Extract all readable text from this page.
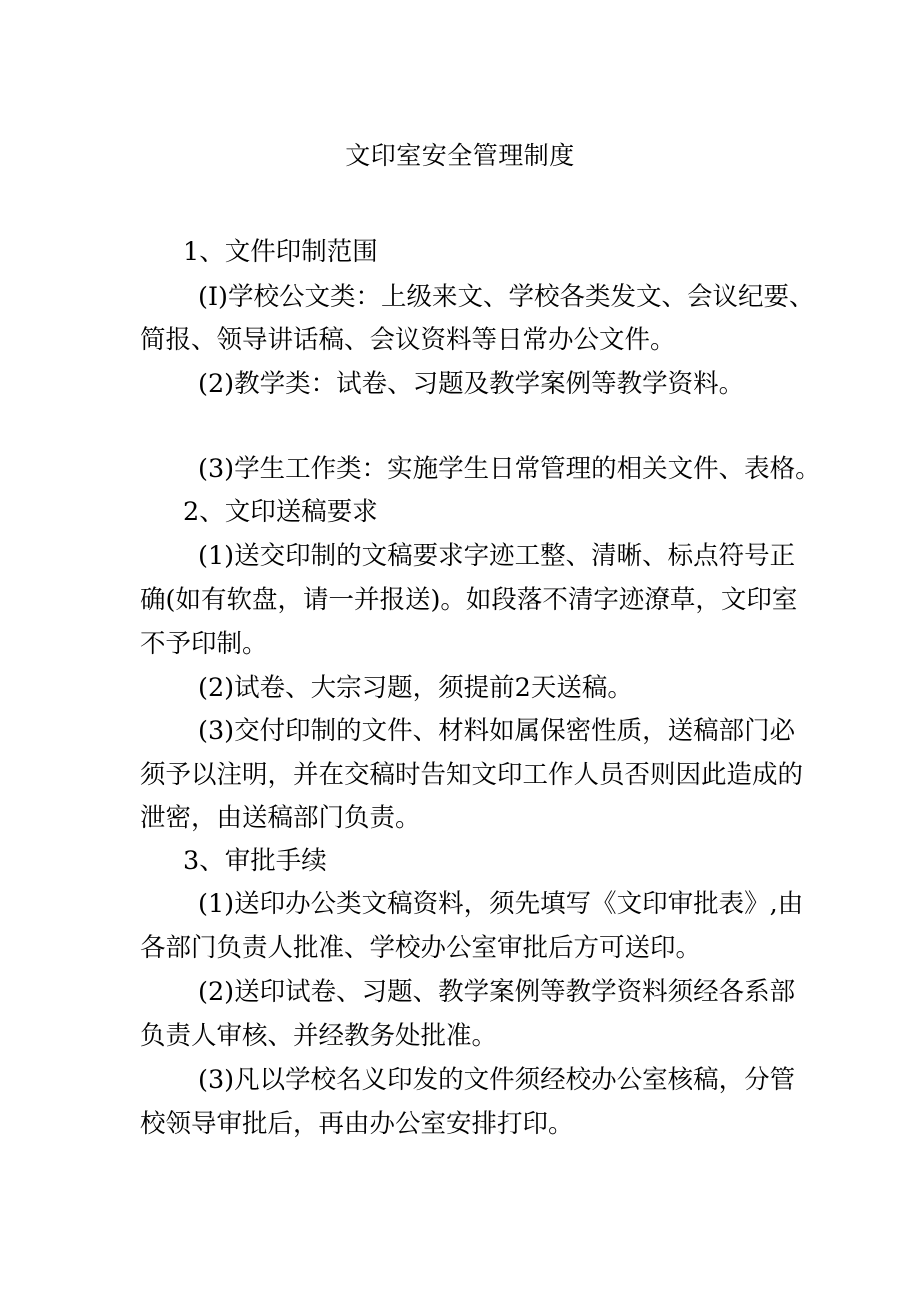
文印室安全管理制度
1、文件印制范围
(I)学校公文类：上级来文、学校各类发文、会议纪要、
简报、领导讲话稿、会议资料等日常办公文件。
(2)教学类：试卷、习题及教学案例等教学资料。
(3)学生工作类：实施学生日常管理的相关文件、表格。
2、文印送稿要求
(1)送交印制的文稿要求字迹工整、清晰、标点符号正
确(如有软盘，请一并报送)。如段落不清字迹潦草，文印室
不予印制。
(2)试卷、大宗习题，须提前2天送稿。
(3)交付印制的文件、材料如属保密性质，送稿部门必
须予以注明，并在交稿时告知文印工作人员否则因此造成的
泄密，由送稿部门负责。
3、审批手续
(1)送印办公类文稿资料，须先填写《文印审批表》,由
各部门负责人批准、学校办公室审批后方可送印。
(2)送印试卷、习题、教学案例等教学资料须经各系部
负责人审核、并经教务处批准。
(3)凡以学校名义印发的文件须经校办公室核稿，分管
校领导审批后，再由办公室安排打印。
